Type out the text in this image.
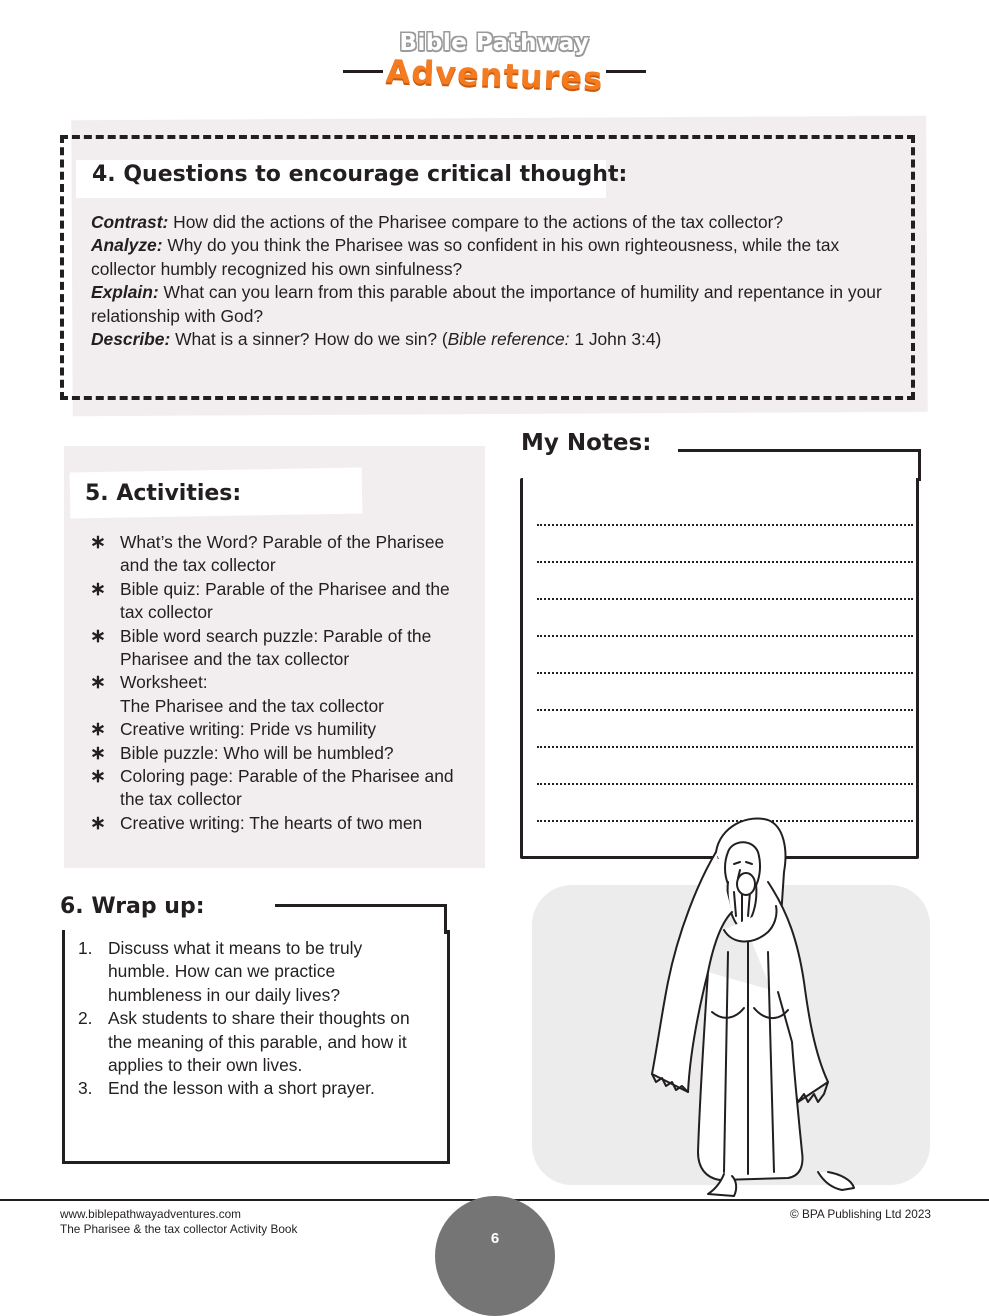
Bible Pathway
Adventures
4. Questions to encourage critical thought:

Contrast: How did the actions of the Pharisee compare to the actions of the tax collector?

Analyze: Why do you think the Pharisee was so confident in his own righteousness, while the tax collector humbly recognized his own sinfulness?

Explain: What can you learn from this parable about the importance of humility and repentance in your relationship with God?

Describe: What is a sinner? How do we sin? (Bible reference: 1 John 3:4)

5. Activities:
∗ What’s the Word? Parable of the Pharisee and the tax collector
∗ Bible quiz: Parable of the Pharisee and the tax collector
∗ Bible word search puzzle: Parable of the Pharisee and the tax collector
∗ Worksheet:
The Pharisee and the tax collector
∗ Creative writing: Pride vs humility
∗ Bible puzzle: Who will be humbled?
∗ Coloring page: Parable of the Pharisee and the tax collector
∗ Creative writing: The hearts of two men
My Notes:
6. Wrap up:
1. Discuss what it means to be truly humble. How can we practice humbleness in our daily lives?
2. Ask students to share their thoughts on the meaning of this parable, and how it applies to their own lives.
3. End the lesson with a short prayer.
www.biblepathwayadventures.com
The Pharisee & the tax collector Activity Book
© BPA Publishing Ltd 2023
6
